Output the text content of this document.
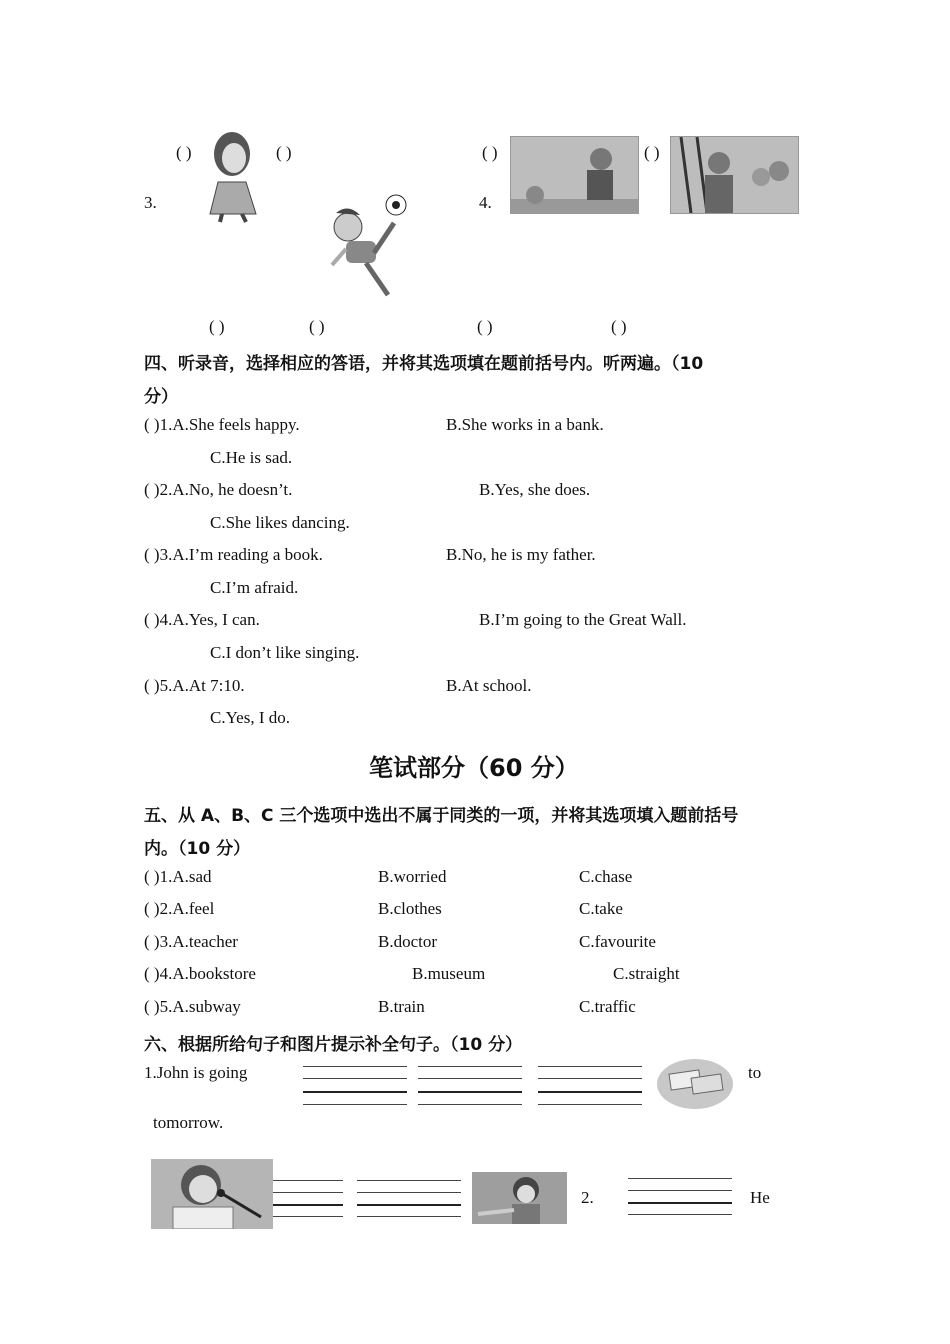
( )	( )	( )	( )
3.	4.
( )	( )	( )	( )
四、听录音，选择相应的答语，并将其选项填在题前括号内。听两遍。（10
分）
( )1.A.She feels happy.	B.She works in a bank.
C.He is sad.
( )2.A.No, he doesn’t.	B.Yes, she does.
C.She likes dancing.
( )3.A.I’m reading a book.	B.No, he is my father.
C.I’m afraid.
( )4.A.Yes, I can.	B.I’m going to the Great Wall.
C.I don’t like singing.
( )5.A.At 7:10.	B.At school.
C.Yes, I do.
笔试部分（60 分）
五、从 A、B、C 三个选项中选出不属于同类的一项，并将其选项填入题前括号
内。（10 分）
( )1.A.sad	B.worried	C.chase
( )2.A.feel	B.clothes	C.take
( )3.A.teacher	B.doctor	C.favourite
( )4.A.bookstore	B.museum	C.straight
( )5.A.subway	B.train	C.traffic
六、根据所给句子和图片提示补全句子。（10 分）
1.John is going	to
tomorrow.
2.	He
